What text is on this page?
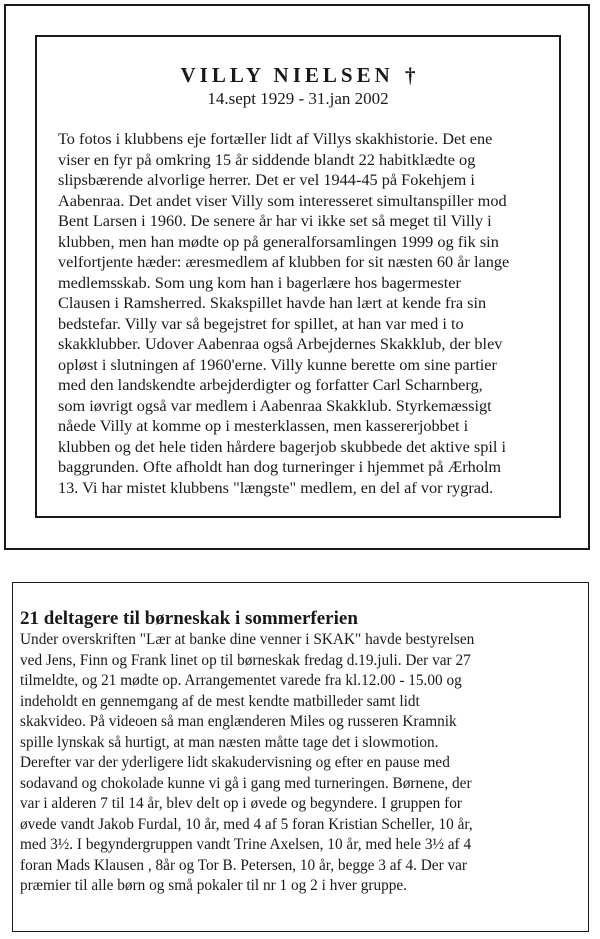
VILLY NIELSEN †
14.sept 1929 - 31.jan 2002

To fotos i klubbens eje fortæller lidt af Villys skakhistorie. Det ene
viser en fyr på omkring 15 år siddende blandt 22 habitklædte og
slipsbærende alvorlige herrer. Det er vel 1944-45 på Fokehjem i
Aabenraa. Det andet viser Villy som interesseret simultanspiller mod
Bent Larsen i 1960. De senere år har vi ikke set så meget til Villy i
klubben, men han mødte op på generalforsamlingen 1999 og fik sin
velfortjente hæder: æresmedlem af klubben for sit næsten 60 år lange
medlemsskab. Som ung kom han i bagerlære hos bagermester
Clausen i Ramsherred. Skakspillet havde han lært at kende fra sin
bedstefar. Villy var så begejstret for spillet, at han var med i to
skakklubber. Udover Aabenraa også Arbejdernes Skakklub, der blev
opløst i slutningen af 1960'erne. Villy kunne berette om sine partier
med den landskendte arbejderdigter og forfatter Carl Scharnberg,
som iøvrigt også var medlem i Aabenraa Skakklub. Styrkemæssigt
nåede Villy at komme op i mesterklassen, men kassererjobbet i
klubben og det hele tiden hårdere bagerjob skubbede det aktive spil i
baggrunden. Ofte afholdt han dog turneringer i hjemmet på Ærholm
13. Vi har mistet klubbens "længste" medlem, en del af vor rygrad.

21 deltagere til børneskak i sommerferien

Under overskriften "Lær at banke dine venner i SKAK" havde bestyrelsen
ved Jens, Finn og Frank linet op til børneskak fredag d.19.juli. Der var 27
tilmeldte, og 21 mødte op. Arrangementet varede fra kl.12.00 - 15.00 og
indeholdt en gennemgang af de mest kendte matbilleder samt lidt
skakvideo. På videoen så man englænderen Miles og russeren Kramnik
spille lynskak så hurtigt, at man næsten måtte tage det i slowmotion.
Derefter var der yderligere lidt skakudervisning og efter en pause med
sodavand og chokolade kunne vi gå i gang med turneringen. Børnene, der
var i alderen 7 til 14 år, blev delt op i øvede og begyndere. I gruppen for
øvede vandt Jakob Furdal, 10 år, med 4 af 5 foran Kristian Scheller, 10 år,
med 3½. I begyndergruppen vandt Trine Axelsen, 10 år, med hele 3½ af 4
foran Mads Klausen , 8år og Tor B. Petersen, 10 år, begge 3 af 4. Der var
præmier til alle børn og små pokaler til nr 1 og 2 i hver gruppe.
